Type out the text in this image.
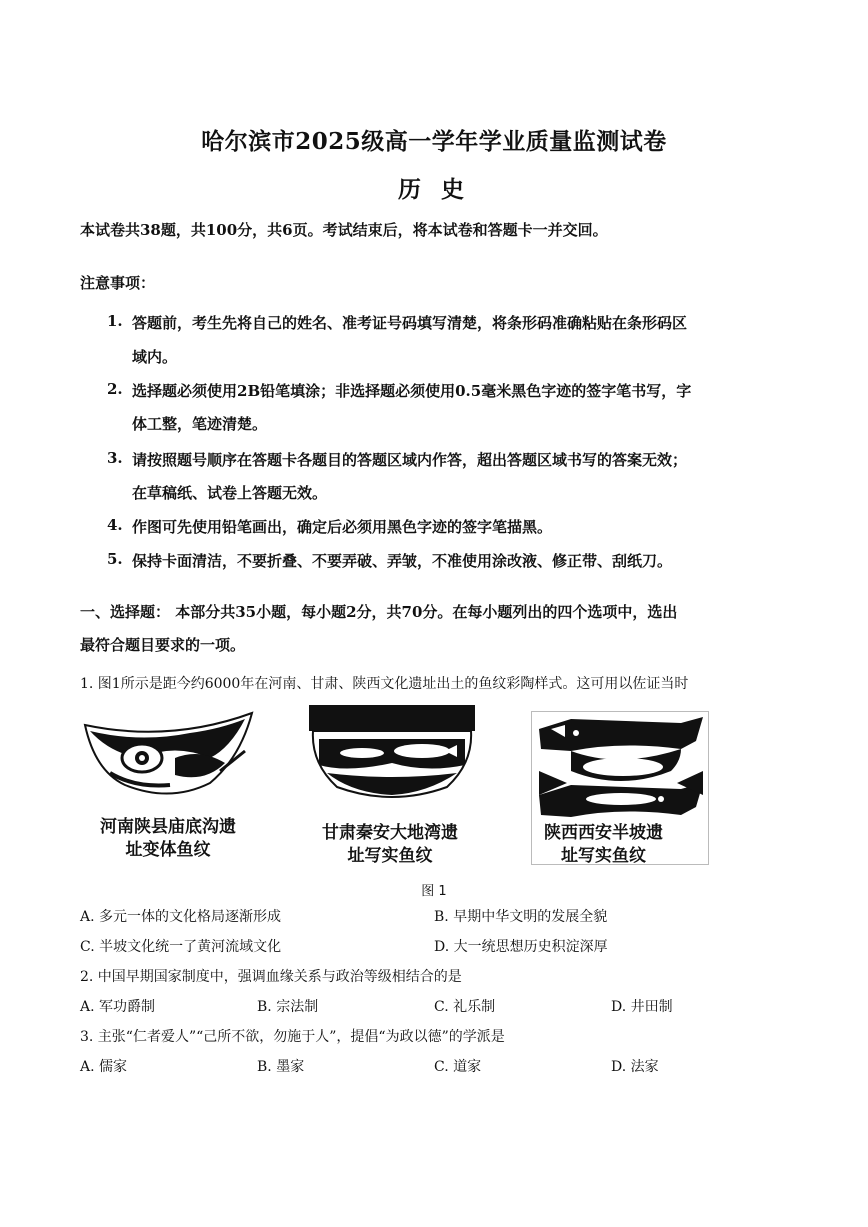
哈尔滨市2025级高一学年学业质量监测试卷
历 史
本试卷共38题，共100分，共6页。考试结束后，将本试卷和答题卡一并交回。
注意事项：
1. 答题前，考生先将自己的姓名、准考证号码填写清楚，将条形码准确粘贴在条形码区
域内。
2. 选择题必须使用2B铅笔填涂；非选择题必须使用0.5毫米黑色字迹的签字笔书写，字
体工整，笔迹清楚。
3. 请按照题号顺序在答题卡各题目的答题区域内作答，超出答题区域书写的答案无效；
在草稿纸、试卷上答题无效。
4. 作图可先使用铅笔画出，确定后必须用黑色字迹的签字笔描黑。
5. 保持卡面清洁，不要折叠、不要弄破、弄皱，不准使用涂改液、修正带、刮纸刀。
一、选择题： 本部分共35小题，每小题2分，共70分。在每小题列出的四个选项中，选出
最符合题目要求的一项。
1. 图1所示是距今约6000年在河南、甘肃、陕西文化遗址出土的鱼纹彩陶样式。这可用以佐证当时
河南陕县庙底沟遗
址变体鱼纹
甘肃秦安大地湾遗
址写实鱼纹
陕西西安半坡遗
址写实鱼纹
图 1
A. 多元一体的文化格局逐渐形成	B. 早期中华文明的发展全貌
C. 半坡文化统一了黄河流域文化	D. 大一统思想历史积淀深厚
2. 中国早期国家制度中，强调血缘关系与政治等级相结合的是
A. 军功爵制	B. 宗法制	C. 礼乐制	D. 井田制
3. 主张“仁者爱人”“己所不欲，勿施于人”，提倡“为政以德”的学派是
A. 儒家	B. 墨家	C. 道家	D. 法家
